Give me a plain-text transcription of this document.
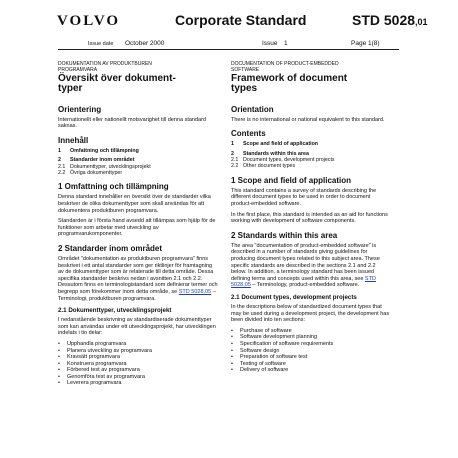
VOLVO	Corporate Standard	STD 5028,01
Issue date October 2000	Issue 1	Page 1(8)
DOKUMENTATION AV PRODUKTBUREN
PROGRAMVARA
Översikt över dokument-
typer
Orientering

Internationellt eller nationellt motsvarighet till denna standard saknas.

Innehåll
1	Omfattning och tillämpning
2	Standarder inom området
2.1 Dokumenttyper, utvecklingsprojekt
2.2 Övriga dokumenttyper
1 Omfattning och tillämpning

Denna standard innehåller en översikt över de standarder vilka beskriver de olika dokumenttyper som skall användas för att dokumentera produktburen programvara.

Standarden är i första hand avsedd att tillämpas som hjälp för de funktioner som arbetar med utveckling av programvarukomponenter.

2 Standarder inom området

Området "dokumentation av produktburen programvara" finns beskrivet i ett antal standarder som ger riktlinjer för framtagning av de dokumenttyper som är relaterade till detta område. Dessa specifika standarder beskrivs nedan i avsnitten 2.1 och 2.2. Dessutom finns en terminologistandard som definierar termer och begrepp som förekommer inom detta område, se STD 5028,05 – Terminologi, produktburen programvara.

2.1 Dokumenttyper, utvecklingsprojekt

I nedanstående beskrivning av standardiserade dokumenttyper som kan användas under ett utvecklingsprojekt, har utvecklingen indelats i tio delar:

• Upphandla programvara
• Planera utveckling av programvara
• Kravsätt programvara
• Konstruera programvara
• Förbered test av programvara
• Genomföra test av programvara
• Leverera programvara
DOCUMENTATION OF PRODUCT-EMBEDDED
SOFTWARE
Framework of document
types
Orientation

There is no international or national equivalent to this standard.

Contents
1	Scope and field of application
2	Standards within this area
2.1 Document types, development projects
2.2 Other document types
1 Scope and field of application

This standard contains a survey of standards describing the different document types to be used in order to document product-embedded software.

In the first place, this standard is intended as an aid for functions working with development of software components.

2 Standards within this area

The area "documentation of product-embedded software" is described in a number of standards giving guidelines for producing document types related to this subject area. These specific standards are described in the sections 2.1 and 2.2 below. In addition, a terminology standard has been issued defining terms and concepts used within this area, see STD 5028,05 – Terminology, product-embedded software.

2.1 Document types, development projects

In the descriptions below of standardized document types that may be used during a development project, the development has been divided into ten sections:

• Purchase of software
• Software development planning
• Specification of software requirements
• Software design
• Preparation of software test
• Testing of software
• Delivery of software
